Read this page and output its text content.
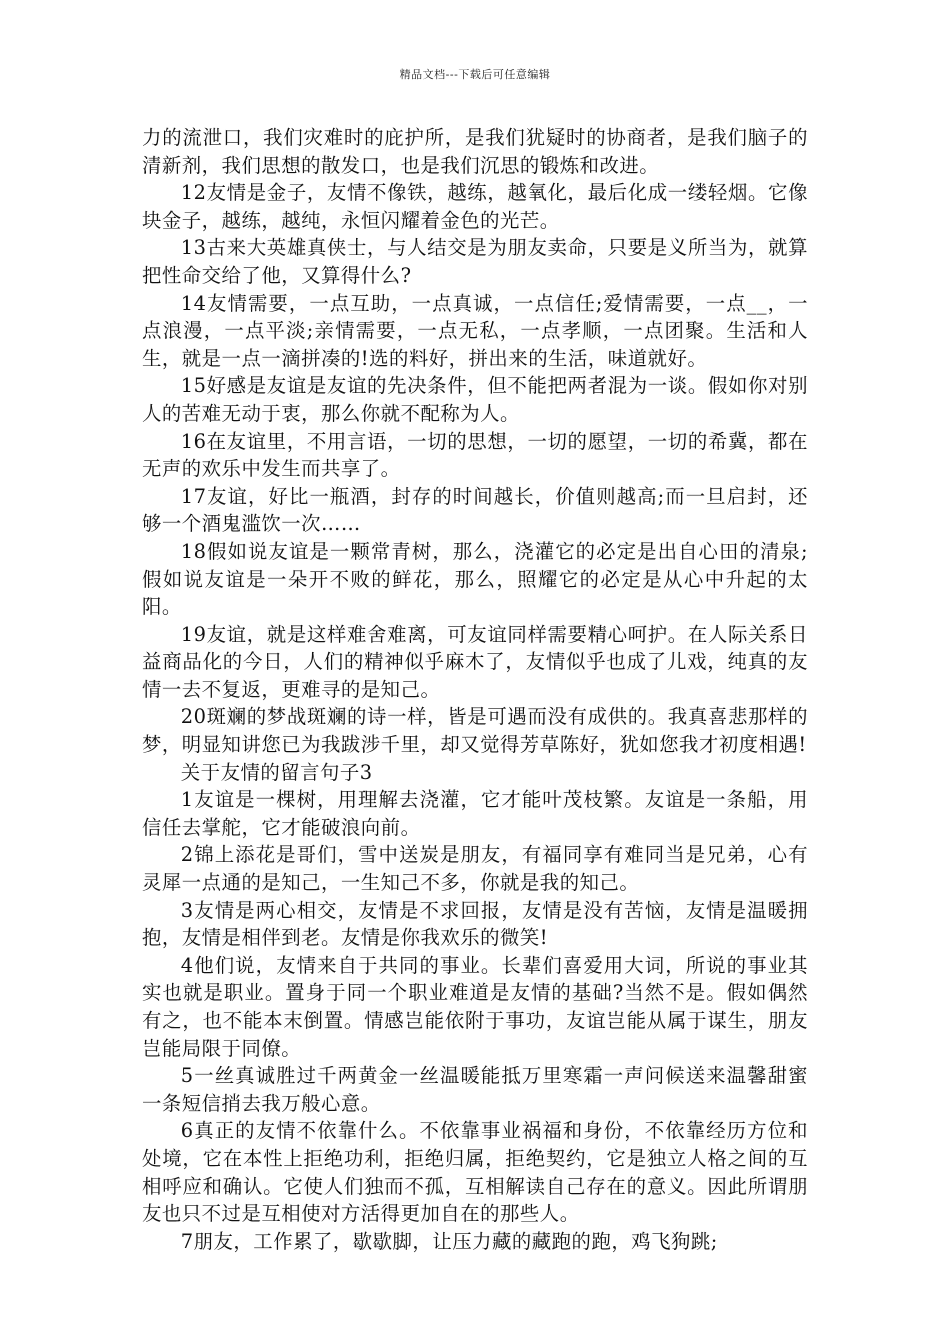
精品文档---下载后可任意编辑

力的流泄口，我们灾难时的庇护所，是我们犹疑时的协商者，是我们脑子的清新剂，我们思想的散发口，也是我们沉思的锻炼和改进。

12友情是金子，友情不像铁，越练，越氧化，最后化成一缕轻烟。它像块金子，越练，越纯，永恒闪耀着金色的光芒。

13古来大英雄真侠士，与人结交是为朋友卖命，只要是义所当为，就算把性命交给了他，又算得什么?

14友情需要，一点互助，一点真诚，一点信任;爱情需要，一点__，一点浪漫，一点平淡;亲情需要，一点无私，一点孝顺，一点团聚。生活和人生，就是一点一滴拼凑的!选的料好，拼出来的生活，味道就好。

15好感是友谊是友谊的先决条件，但不能把两者混为一谈。假如你对别人的苦难无动于衷，那么你就不配称为人。

16在友谊里，不用言语，一切的思想，一切的愿望，一切的希冀，都在无声的欢乐中发生而共享了。

17友谊，好比一瓶酒，封存的时间越长，价值则越高;而一旦启封，还够一个酒鬼滥饮一次……

18假如说友谊是一颗常青树，那么，浇灌它的必定是出自心田的清泉;假如说友谊是一朵开不败的鲜花，那么，照耀它的必定是从心中升起的太阳。

19友谊，就是这样难舍难离，可友谊同样需要精心呵护。在人际关系日益商品化的今日，人们的精神似乎麻木了，友情似乎也成了儿戏，纯真的友情一去不复返，更难寻的是知己。

20斑斓的梦战斑斓的诗一样，皆是可遇而没有成供的。我真喜悲那样的梦，明显知讲您已为我跋涉千里，却又觉得芳草陈好，犹如您我才初度相遇!

关于友情的留言句子3

1友谊是一棵树，用理解去浇灌，它才能叶茂枝繁。友谊是一条船，用信任去掌舵，它才能破浪向前。

2锦上添花是哥们，雪中送炭是朋友，有福同享有难同当是兄弟，心有灵犀一点通的是知己，一生知己不多，你就是我的知己。

3友情是两心相交，友情是不求回报，友情是没有苦恼，友情是温暖拥抱，友情是相伴到老。友情是你我欢乐的微笑!

4他们说，友情来自于共同的事业。长辈们喜爱用大词，所说的事业其实也就是职业。置身于同一个职业难道是友情的基础?当然不是。假如偶然有之，也不能本末倒置。情感岂能依附于事功，友谊岂能从属于谋生，朋友岂能局限于同僚。

5一丝真诚胜过千两黄金一丝温暖能抵万里寒霜一声问候送来温馨甜蜜一条短信捎去我万般心意。

6真正的友情不依靠什么。不依靠事业祸福和身份，不依靠经历方位和处境，它在本性上拒绝功利，拒绝归属，拒绝契约，它是独立人格之间的互相呼应和确认。它使人们独而不孤，互相解读自己存在的意义。因此所谓朋友也只不过是互相使对方活得更加自在的那些人。

7朋友，工作累了，歇歇脚，让压力藏的藏跑的跑，鸡飞狗跳;
